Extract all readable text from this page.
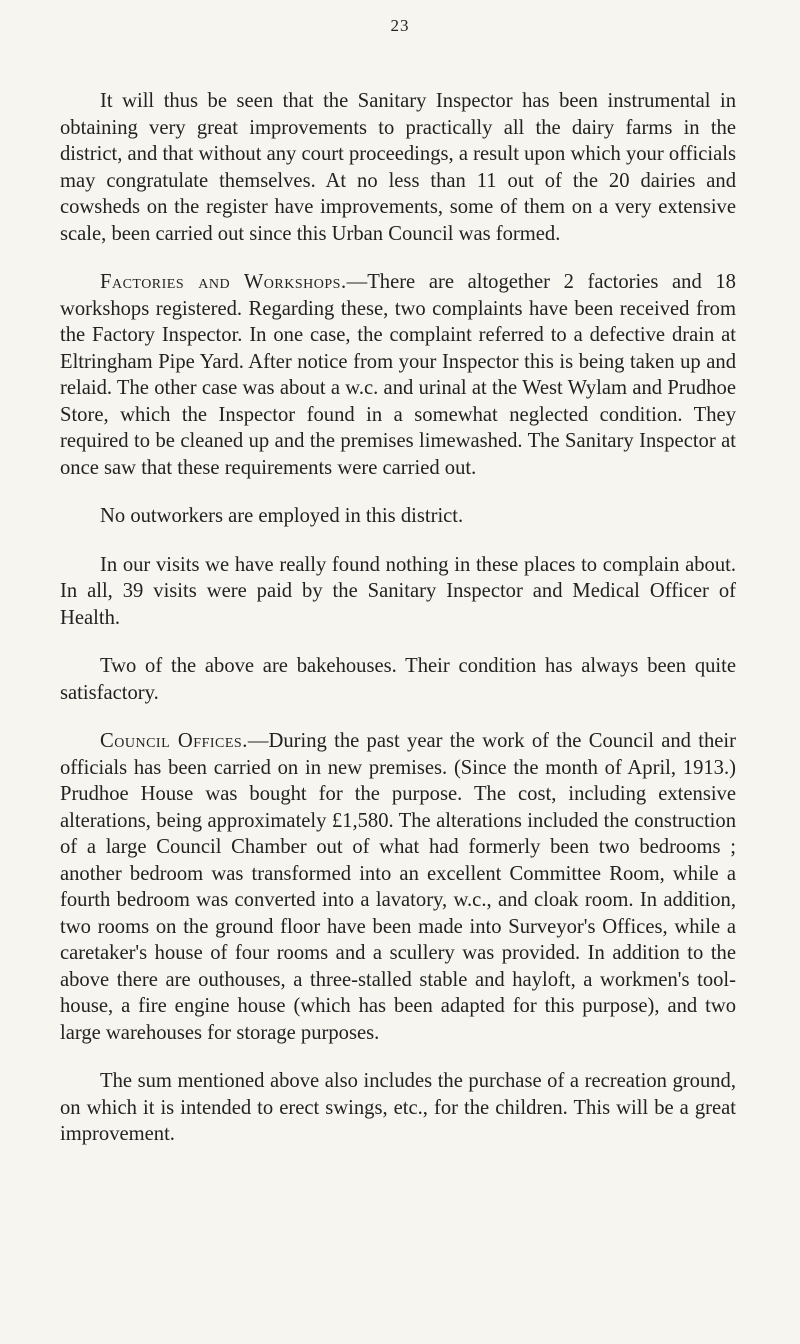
23

It will thus be seen that the Sanitary Inspector has been instrumental in obtaining very great improvements to practically all the dairy farms in the district, and that without any court proceedings, a result upon which your officials may congratulate themselves. At no less than 11 out of the 20 dairies and cowsheds on the register have improvements, some of them on a very extensive scale, been carried out since this Urban Council was formed.

Factories and Workshops.—There are altogether 2 factories and 18 workshops registered. Regarding these, two complaints have been received from the Factory Inspector. In one case, the complaint referred to a defective drain at Eltringham Pipe Yard. After notice from your Inspector this is being taken up and relaid. The other case was about a w.c. and urinal at the West Wylam and Prudhoe Store, which the Inspector found in a somewhat neglected condition. They required to be cleaned up and the premises limewashed. The Sanitary Inspector at once saw that these requirements were carried out.

No outworkers are employed in this district.

In our visits we have really found nothing in these places to complain about. In all, 39 visits were paid by the Sanitary Inspector and Medical Officer of Health.

Two of the above are bakehouses. Their condition has always been quite satisfactory.

Council Offices.—During the past year the work of the Council and their officials has been carried on in new premises. (Since the month of April, 1913.) Prudhoe House was bought for the purpose. The cost, including extensive alterations, being approximately £1,580. The alterations included the construction of a large Council Chamber out of what had formerly been two bedrooms ; another bedroom was transformed into an excellent Committee Room, while a fourth bedroom was converted into a lavatory, w.c., and cloak room. In addition, two rooms on the ground floor have been made into Surveyor's Offices, while a caretaker's house of four rooms and a scullery was provided. In addition to the above there are outhouses, a three-stalled stable and hayloft, a workmen's tool-house, a fire engine house (which has been adapted for this purpose), and two large warehouses for storage purposes.

The sum mentioned above also includes the purchase of a recreation ground, on which it is intended to erect swings, etc., for the children. This will be a great improvement.
